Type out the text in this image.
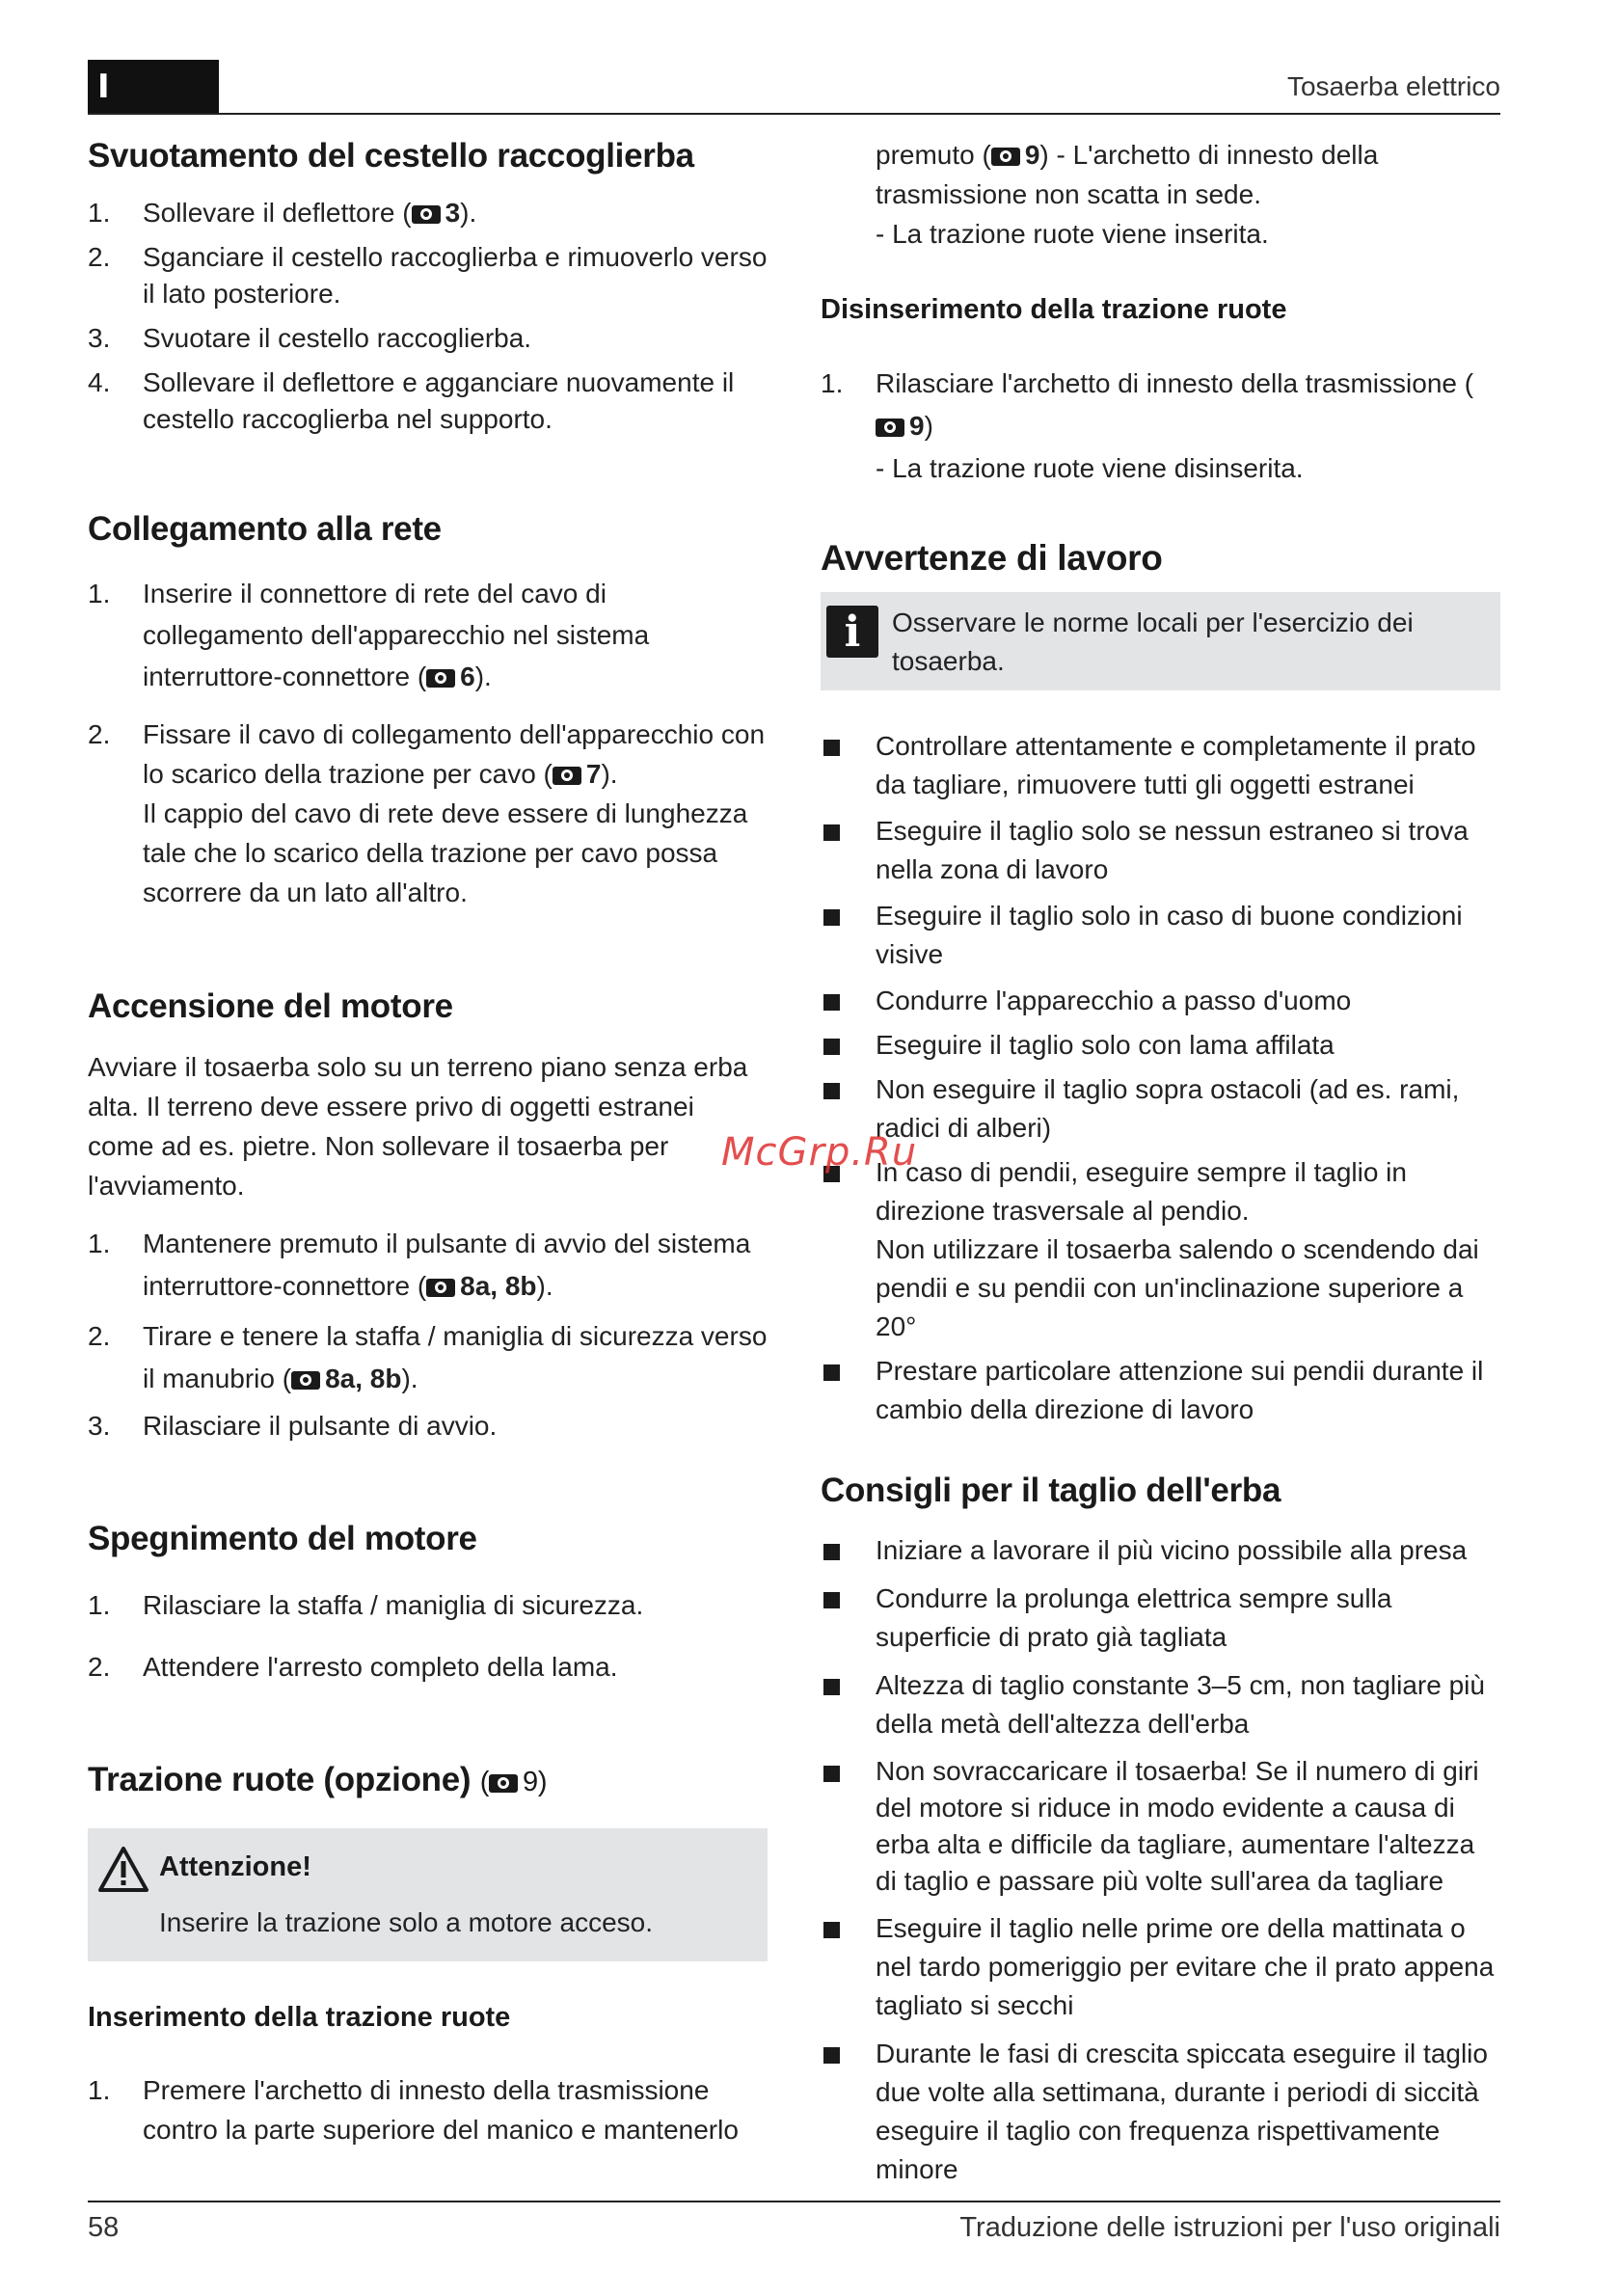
I	Tosaerba elettrico
Svuotamento del cestello raccoglierba
1. Sollevare il deflettore ( 3).
2. Sganciare il cestello raccoglierba e rimuoverlo verso il lato posteriore.
3. Svuotare il cestello raccoglierba.
4. Sollevare il deflettore e agganciare nuovamente il cestello raccoglierba nel supporto.
Collegamento alla rete
1. Inserire il connettore di rete del cavo di collegamento dell'apparecchio nel sistema interruttore-connettore ( 6).
2. Fissare il cavo di collegamento dell'apparecchio con lo scarico della trazione per cavo ( 7).
Il cappio del cavo di rete deve essere di lunghezza tale che lo scarico della trazione per cavo possa scorrere da un lato all'altro.
Accensione del motore

Avviare il tosaerba solo su un terreno piano senza erba alta. Il terreno deve essere privo di oggetti estranei come ad es. pietre. Non sollevare il tosaerba per l'avviamento.

1. Mantenere premuto il pulsante di avvio del sistema interruttore-connettore ( 8a, 8b).
2. Tirare e tenere la staffa / maniglia di sicurezza verso il manubrio ( 8a, 8b).
3. Rilasciare il pulsante di avvio.
Spegnimento del motore
1. Rilasciare la staffa / maniglia di sicurezza.
2. Attendere l'arresto completo della lama.
Trazione ruote (opzione) ( 9)
Attenzione!
Inserire la trazione solo a motore acceso.
Inserimento della trazione ruote
1. Premere l'archetto di innesto della trasmissione contro la parte superiore del manico e mantenerlo
premuto ( 9) - L'archetto di innesto della trasmissione non scatta in sede.
- La trazione ruote viene inserita.
Disinserimento della trazione ruote
1. Rilasciare l'archetto di innesto della trasmissione (9)
- La trazione ruote viene disinserita.
Avvertenze di lavoro
i	Osservare le norme locali per l'esercizio dei tosaerba.
Controllare attentamente e completamente il prato da tagliare, rimuovere tutti gli oggetti estranei
Eseguire il taglio solo se nessun estraneo si trova nella zona di lavoro
Eseguire il taglio solo in caso di buone condizioni visive
Condurre l'apparecchio a passo d'uomo
Eseguire il taglio solo con lama affilata
Non eseguire il taglio sopra ostacoli (ad es. rami, radici di alberi)
In caso di pendii, eseguire sempre il taglio in direzione trasversale al pendio.
Non utilizzare il tosaerba salendo o scendendo dai pendii e su pendii con un'inclinazione superiore a 20°
Prestare particolare attenzione sui pendii durante il cambio della direzione di lavoro
Consigli per il taglio dell'erba
Iniziare a lavorare il più vicino possibile alla presa
Condurre la prolunga elettrica sempre sulla superficie di prato già tagliata
Altezza di taglio constante 3–5 cm, non tagliare più della metà dell'altezza dell'erba
Non sovraccaricare il tosaerba! Se il numero di giri del motore si riduce in modo evidente a causa di erba alta e difficile da tagliare, aumentare l'altezza di taglio e passare più volte sull'area da tagliare
Eseguire il taglio nelle prime ore della mattinata o nel tardo pomeriggio per evitare che il prato appena tagliato si secchi
Durante le fasi di crescita spiccata eseguire il taglio due volte alla settimana, durante i periodi di siccità eseguire il taglio con frequenza rispettivamente minore
McGrp.Ru
58	Traduzione delle istruzioni per l'uso originali
